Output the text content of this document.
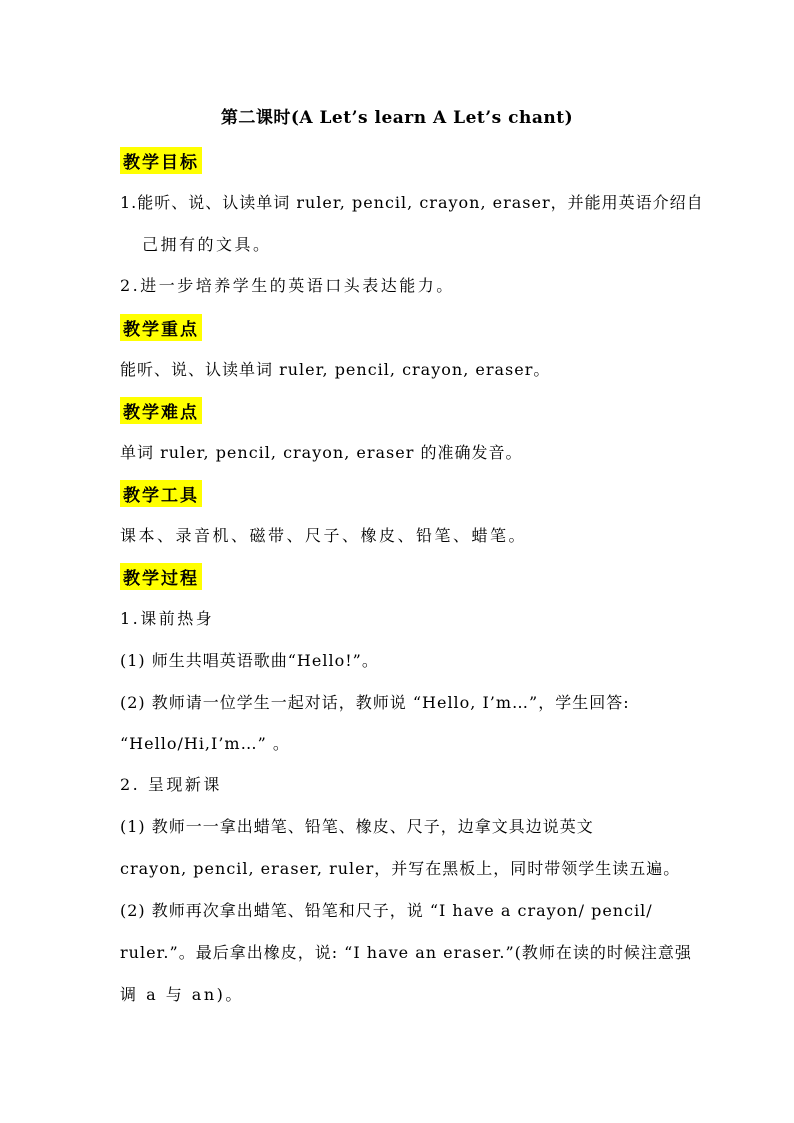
第二课时(A Let’s learn A Let’s chant)
教学目标
1.能听、说、认读单词 ruler, pencil, crayon, eraser，并能用英语介绍自
己拥有的文具。
2.进一步培养学生的英语口头表达能力。
教学重点
能听、说、认读单词 ruler, pencil, crayon, eraser。
教学难点
单词 ruler, pencil, crayon, eraser 的准确发音。
教学工具
课本、录音机、磁带、尺子、橡皮、铅笔、蜡笔。
教学过程
1.课前热身
(1) 师生共唱英语歌曲“Hello!”。
(2) 教师请一位学生一起对话，教师说 “Hello, I’m…”，学生回答:
“Hello/Hi,I’m…” 。
2. 呈现新课
(1) 教师一一拿出蜡笔、铅笔、橡皮、尺子，边拿文具边说英文
crayon, pencil, eraser, ruler，并写在黑板上，同时带领学生读五遍。
(2) 教师再次拿出蜡笔、铅笔和尺子，说 “I have a crayon/ pencil/
ruler.”。最后拿出橡皮，说: “I have an eraser.”(教师在读的时候注意强
调 a 与 an)。
